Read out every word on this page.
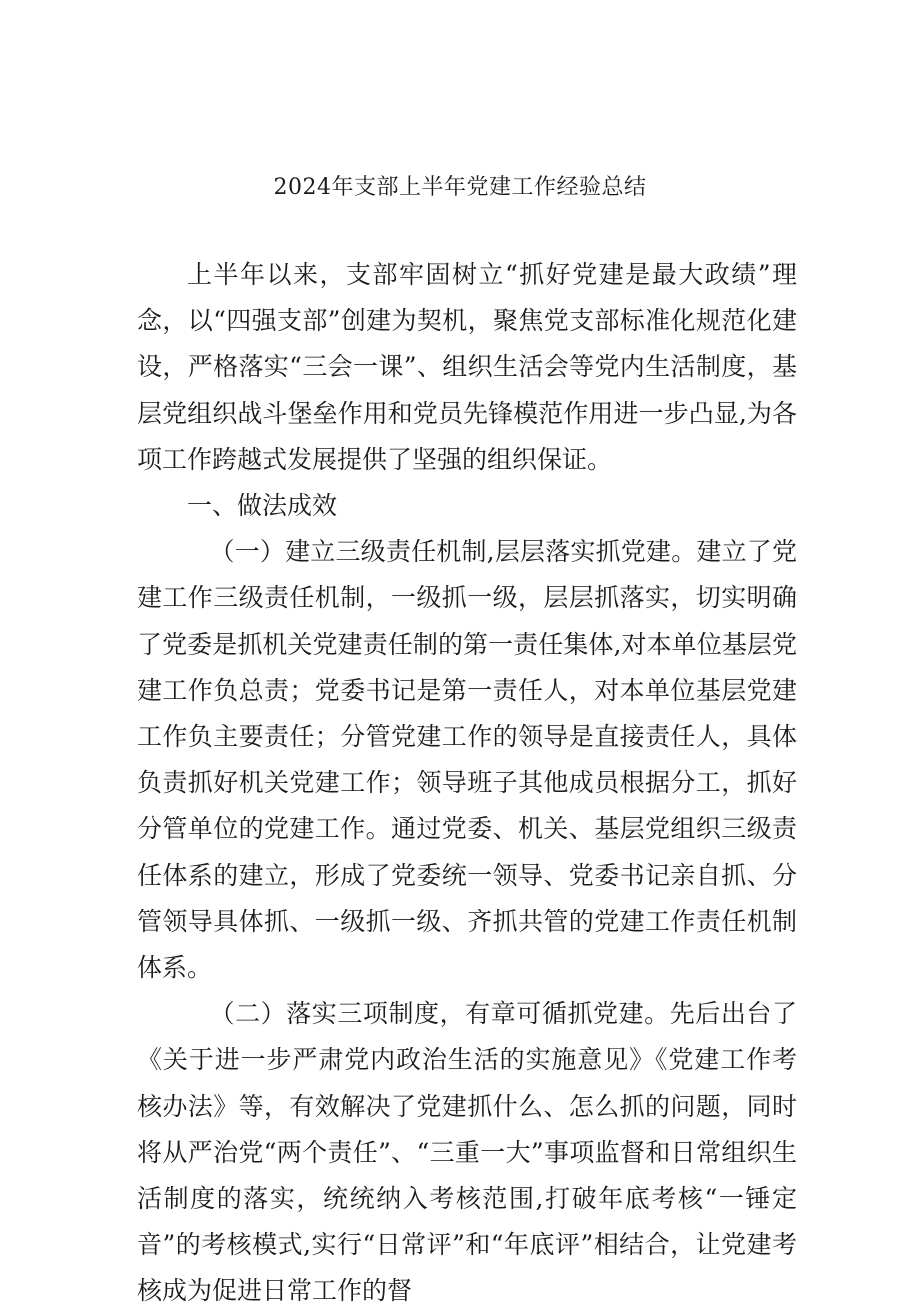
2024年支部上半年党建工作经验总结

上半年以来，支部牢固树立“抓好党建是最大政绩”理念，以“四强支部”创建为契机，聚焦党支部标准化规范化建设，严格落实“三会一课”、组织生活会等党内生活制度，基层党组织战斗堡垒作用和党员先锋模范作用进一步凸显,为各项工作跨越式发展提供了坚强的组织保证。

一、做法成效

（一）建立三级责任机制,层层落实抓党建。建立了党建工作三级责任机制，一级抓一级，层层抓落实，切实明确了党委是抓机关党建责任制的第一责任集体,对本单位基层党建工作负总责；党委书记是第一责任人，对本单位基层党建工作负主要责任；分管党建工作的领导是直接责任人，具体负责抓好机关党建工作；领导班子其他成员根据分工，抓好分管单位的党建工作。通过党委、机关、基层党组织三级责任体系的建立，形成了党委统一领导、党委书记亲自抓、分管领导具体抓、一级抓一级、齐抓共管的党建工作责任机制体系。

（二）落实三项制度，有章可循抓党建。先后出台了《关于进一步严肃党内政治生活的实施意见》《党建工作考核办法》等，有效解决了党建抓什么、怎么抓的问题，同时将从严治党“两个责任”、“三重一大”事项监督和日常组织生活制度的落实，统统纳入考核范围,打破年底考核“一锤定音”的考核模式,实行“日常评”和“年底评”相结合，让党建考核成为促进日常工作的督
